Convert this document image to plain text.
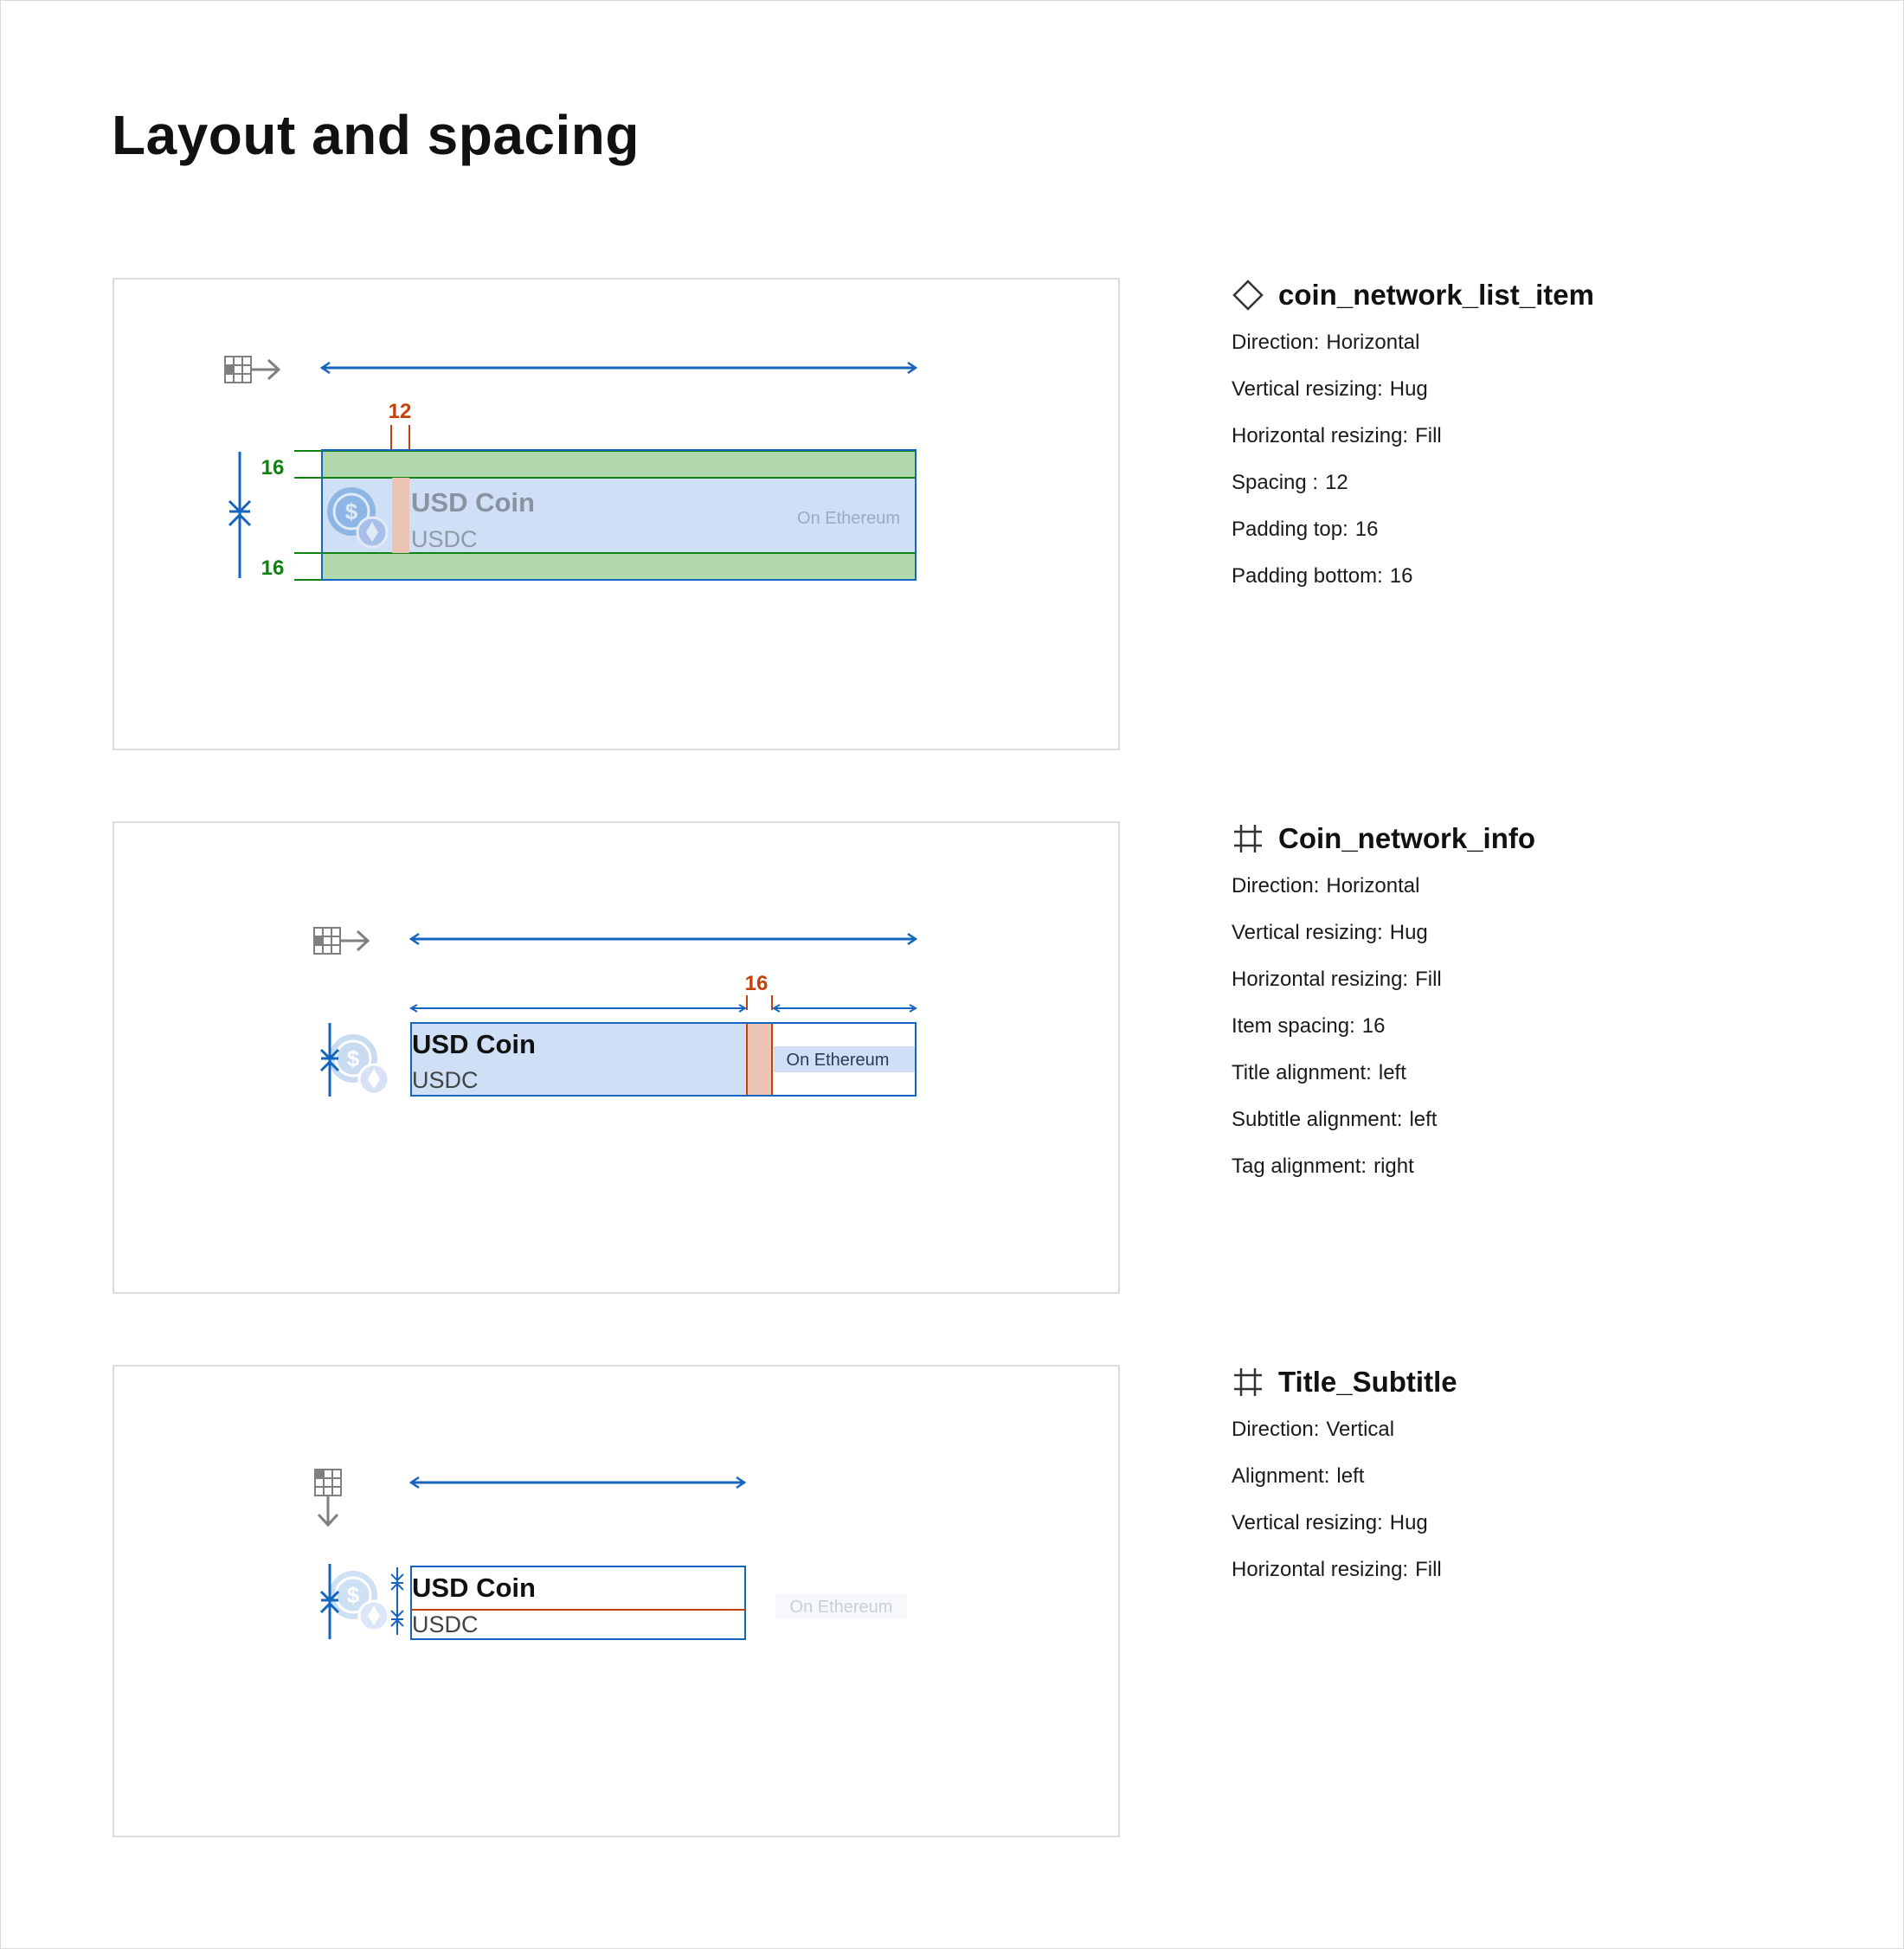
Layout and spacing
12
$ USD Coin
USDC
On Ethereum
16
16
16
$ USD Coin
USDC
On Ethereum
$ USD Coin
USDC
On Ethereum
coin_network_list_item
Direction: Horizontal
Vertical resizing: Hug
Horizontal resizing: Fill
Spacing : 12
Padding top: 16
Padding bottom: 16
Coin_network_info
Direction: Horizontal
Vertical resizing: Hug
Horizontal resizing: Fill
Item spacing: 16
Title alignment: left
Subtitle alignment: left
Tag alignment: right
Title_Subtitle
Direction: Vertical
Alignment: left
Vertical resizing: Hug
Horizontal resizing: Fill
